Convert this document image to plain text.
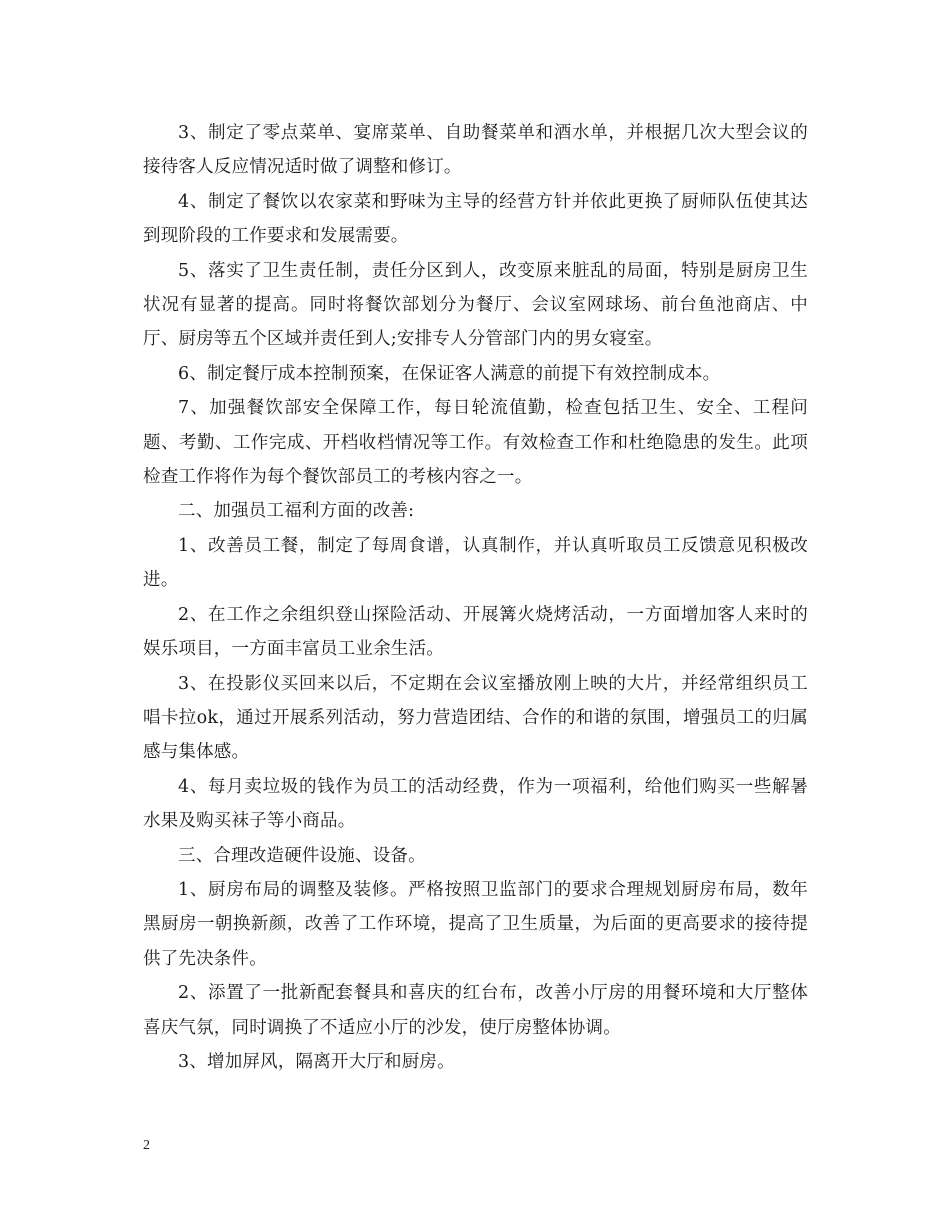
3、制定了零点菜单、宴席菜单、自助餐菜单和酒水单，并根据几次大型会议的接待客人反应情况适时做了调整和修订。

4、制定了餐饮以农家菜和野味为主导的经营方针并依此更换了厨师队伍使其达到现阶段的工作要求和发展需要。

5、落实了卫生责任制，责任分区到人，改变原来脏乱的局面，特别是厨房卫生状况有显著的提高。同时将餐饮部划分为餐厅、会议室网球场、前台鱼池商店、中厅、厨房等五个区域并责任到人;安排专人分管部门内的男女寝室。

6、制定餐厅成本控制预案，在保证客人满意的前提下有效控制成本。

7、加强餐饮部安全保障工作，每日轮流值勤，检查包括卫生、安全、工程问题、考勤、工作完成、开档收档情况等工作。有效检查工作和杜绝隐患的发生。此项检查工作将作为每个餐饮部员工的考核内容之一。

二、加强员工福利方面的改善:

1、改善员工餐，制定了每周食谱，认真制作，并认真听取员工反馈意见积极改进。

2、在工作之余组织登山探险活动、开展篝火烧烤活动，一方面增加客人来时的娱乐项目，一方面丰富员工业余生活。

3、在投影仪买回来以后，不定期在会议室播放刚上映的大片，并经常组织员工唱卡拉ok，通过开展系列活动，努力营造团结、合作的和谐的氛围，增强员工的归属感与集体感。

4、每月卖垃圾的钱作为员工的活动经费，作为一项福利，给他们购买一些解暑水果及购买袜子等小商品。

三、合理改造硬件设施、设备。

1、厨房布局的调整及装修。严格按照卫监部门的要求合理规划厨房布局，数年黑厨房一朝换新颜，改善了工作环境，提高了卫生质量，为后面的更高要求的接待提供了先决条件。

2、添置了一批新配套餐具和喜庆的红台布，改善小厅房的用餐环境和大厅整体喜庆气氛，同时调换了不适应小厅的沙发，使厅房整体协调。

3、增加屏风，隔离开大厅和厨房。

2
